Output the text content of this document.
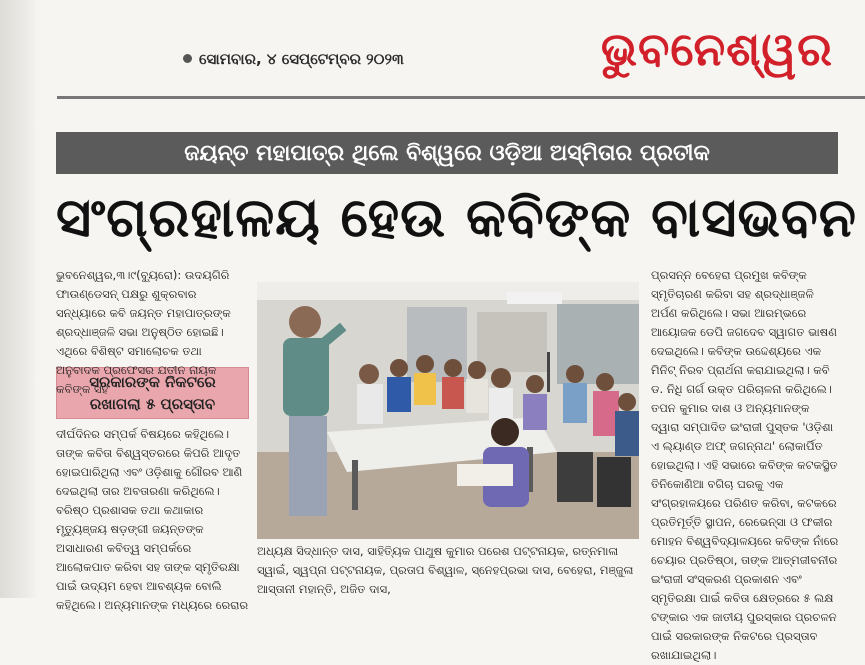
ସୋମବାର, ୪ ସେପ୍ଟେମ୍ବର ୨୦୨୩	ଭୁବନେଶ୍ୱର
ଜୟନ୍ତ ମହାପାତ୍ର ଥିଲେ ବିଶ୍ୱରେ ଓଡ଼ିଆ ଅସ୍ମିତାର ପ୍ରତୀକ
ସଂଗ୍ରହାଳୟ ହେଉ କବିଙ୍କ ବାସଭବନ

ଭୁବନେଶ୍ୱର,୩।୯(ବ୍ୟୁରୋ): ଉଦୟଗିରି ଫାଉଣ୍ଡେସନ୍ ପକ୍ଷରୁ ଶୁକ୍ରବାର ସନ୍ଧ୍ୟାରେ କବି ଜୟନ୍ତ ମହାପାତ୍ରଙ୍କ ଶ୍ରଦ୍ଧାଞ୍ଜଳି ସଭା ଅନୁଷ୍ଠିତ ହୋଇଛି। ଏଥିରେ ବିଶିଷ୍ଟ ସମାଲୋଚକ ତଥା ଅନୁବାଦକ ପ୍ରଫେସର ଯତୀନ ନାୟକ କବିଙ୍କ ସହ

ସରକାରଙ୍କ ନିକଟରେ
ରଖାଗଲା ୫ ପ୍ରସ୍ତାବ

ଦୀର୍ଘଦିନର ସମ୍ପର୍କ ବିଷୟରେ କହିଥିଲେ। ତାଙ୍କ କବିତା ବିଶ୍ୱସ୍ତରରେ କିପରି ଆଦୃତ ହୋଇପାରିଥିଲା ଏବଂ ଓଡ଼ିଶାକୁ ଗୌରବ ଆଣି ଦେଇଥିଲା ତାର ଅବତାରଣା କରିଥିଲେ। ବରିଷ୍ଠ ପ୍ରଶାସକ ତଥା କଥାକାର ମୃତ୍ୟୁଞ୍ଜୟ ଷଡ଼ଙ୍ଗୀ ଜୟନ୍ତଙ୍କ ଅସାଧାରଣ କବିତ୍ୱ ସମ୍ପର୍କରେ ଆଲୋକପାତ କରିବା ସହ ତାଙ୍କ ସ୍ମୃତିରକ୍ଷା ପାଇଁ ଉଦ୍ୟମ ହେବା ଆବଶ୍ୟକ ବୋଲି କହିଥିଲେ। ଅନ୍ୟମାନଙ୍କ ମଧ୍ୟରେ ରେରାର

ଅଧ୍ୟକ୍ଷ ସିଦ୍ଧାନ୍ତ ଦାସ, ସାହିତ୍ୟିକ ପାଥୁଷ କୁମାର ପରେଶ ପଟ୍ଟନାୟକ, ରତ୍ନମାଳା ସ୍ୱାଇଁ, ସ୍ୱପ୍ନା ପଟ୍ଟନାୟକ, ପ୍ରତାପ ବିଶ୍ୱାଳ, ସ୍ନେହପ୍ରଭା ଦାସ, ବେହେରା, ମଞ୍ଜୁଳା ଆସ୍ତାନୀ ମହାନ୍ତି, ଅଜିତ ଦାସ,

ପ୍ରସନ୍ନ ବେହେରା ପ୍ରମୁଖ କବିଙ୍କ ସ୍ମୃତିଚାରଣ କରିବା ସହ ଶ୍ରଦ୍ଧାଞ୍ଜଳି ଅର୍ପଣ କରିଥିଲେ। ସଭା ଆରମ୍ଭରେ ଆୟୋଜକ ଡେପି ଜଗଦେବ ସ୍ୱାଗତ ଭାଷଣ ଦେଇଥିଲେ। କବିଙ୍କ ଉଦ୍ଦେଶ୍ୟରେ ଏକ ମିନିଟ୍ ନିରବ ପ୍ରାର୍ଥନା କରାଯାଇଥିଲା। କବି ଡ. ନିଧି ଗର୍ଗ ଉକ୍ତ ପରିଚାଳନା କରିଥିଲେ। ତପନ କୁମାର ଦାଶ ଓ ଅନ୍ୟମାନଙ୍କ ଦ୍ୱାରା ସମ୍ପାଦିତ ଇଂରାଜୀ ପୁସ୍ତକ 'ଓଡ଼ିଶା ଏ ଲ୍ୟାଣ୍ଡ ଅଫ୍ ଜଗନ୍ନାଥ' ଲୋକାର୍ପିତ ହୋଇଥିଲା। ଏହି ସଭାରେ କବିଙ୍କ କଟକସ୍ଥିତ ତିନିକୋଣିଆ ବଗିଚା ଘରକୁ ଏକ ସଂଗ୍ରହାଳୟରେ ପରିଣତ କରିବା, କଟକରେ ପ୍ରତିମୂର୍ତ୍ତି ସ୍ଥାପନ, ରେଭେନ୍ସା ଓ ଫକୀର ମୋହନ ବିଶ୍ୱବିଦ୍ୟାଳୟରେ କବିଙ୍କ ନାଁରେ ଚେୟାର ପ୍ରତିଷ୍ଠା, ତାଙ୍କ ଆତ୍ମଜୀବନୀର ଇଂରାଜୀ ସଂସ୍କରଣ ପ୍ରକାଶନ ଏବଂ ସ୍ମୃତିରକ୍ଷା ପାଇଁ କବିତା କ୍ଷେତ୍ରରେ ୫ ଲକ୍ଷ ଟଙ୍କାର ଏକ ଜାତୀୟ ପୁରସ୍କାର ପ୍ରଚଳନ ପାଇଁ ସରକାରଙ୍କ ନିକଟରେ ପ୍ରସ୍ତାବ ରଖାଯାଇଥିଲା।
